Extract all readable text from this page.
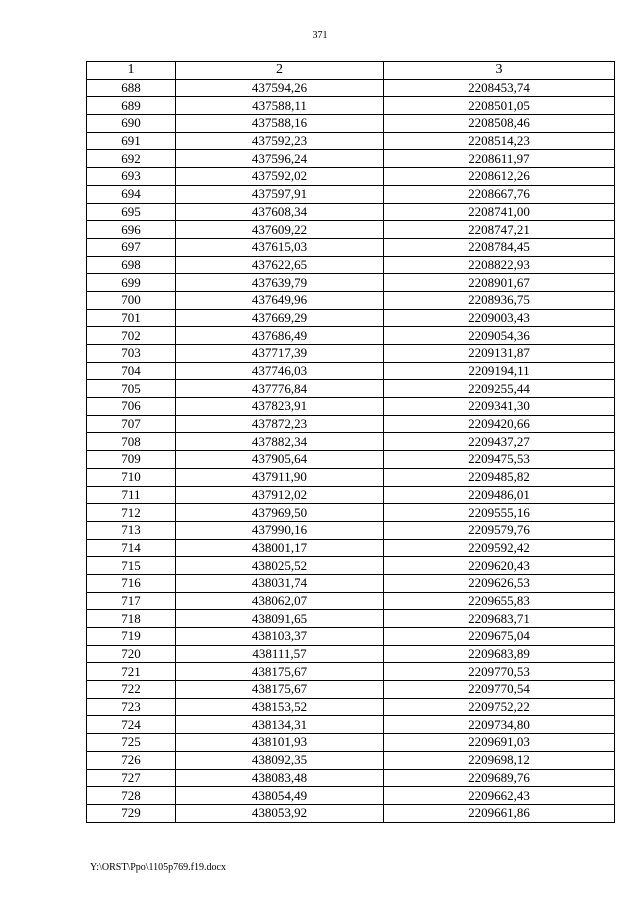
371
1	2	3
688	437594,26	2208453,74
689	437588,11	2208501,05
690	437588,16	2208508,46
691	437592,23	2208514,23
692	437596,24	2208611,97
693	437592,02	2208612,26
694	437597,91	2208667,76
695	437608,34	2208741,00
696	437609,22	2208747,21
697	437615,03	2208784,45
698	437622,65	2208822,93
699	437639,79	2208901,67
700	437649,96	2208936,75
701	437669,29	2209003,43
702	437686,49	2209054,36
703	437717,39	2209131,87
704	437746,03	2209194,11
705	437776,84	2209255,44
706	437823,91	2209341,30
707	437872,23	2209420,66
708	437882,34	2209437,27
709	437905,64	2209475,53
710	437911,90	2209485,82
711	437912,02	2209486,01
712	437969,50	2209555,16
713	437990,16	2209579,76
714	438001,17	2209592,42
715	438025,52	2209620,43
716	438031,74	2209626,53
717	438062,07	2209655,83
718	438091,65	2209683,71
719	438103,37	2209675,04
720	438111,57	2209683,89
721	438175,67	2209770,53
722	438175,67	2209770,54
723	438153,52	2209752,22
724	438134,31	2209734,80
725	438101,93	2209691,03
726	438092,35	2209698,12
727	438083,48	2209689,76
728	438054,49	2209662,43
729	438053,92	2209661,86
Y:\ORST\Ppo\1105p769.f19.docx
